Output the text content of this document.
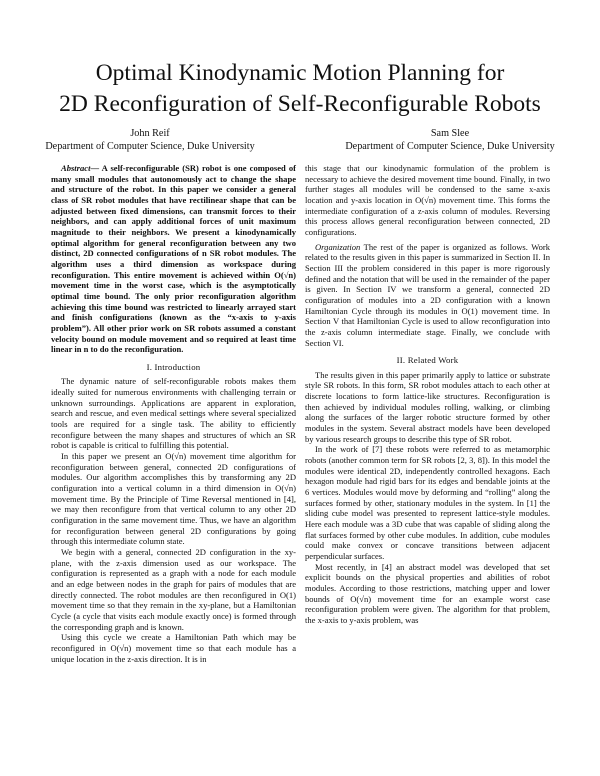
Optimal Kinodynamic Motion Planning for
2D Reconfiguration of Self-Reconfigurable Robots
John Reif
Department of Computer Science, Duke University
Sam Slee
Department of Computer Science, Duke University

Abstract— A self-reconfigurable (SR) robot is one composed of many small modules that autonomously act to change the shape and structure of the robot. In this paper we consider a general class of SR robot modules that have rectilinear shape that can be adjusted between fixed dimensions, can transmit forces to their neighbors, and can apply additional forces of unit maximum magnitude to their neighbors. We present a kinodynamically optimal algorithm for general reconfiguration between any two distinct, 2D connected configurations of n SR robot modules. The algorithm uses a third dimension as workspace during reconfiguration. This entire movement is achieved within O(√n) movement time in the worst case, which is the asymptotically optimal time bound. The only prior reconfiguration algorithm achieving this time bound was restricted to linearly arrayed start and finish configurations (known as the “x-axis to y-axis problem”). All other prior work on SR robots assumed a constant velocity bound on module movement and so required at least time linear in n to do the reconfiguration.

I. Introduction

The dynamic nature of self-reconfigurable robots makes them ideally suited for numerous environments with challenging terrain or unknown surroundings. Applications are apparent in exploration, search and rescue, and even medical settings where several specialized tools are required for a single task. The ability to efficiently reconfigure between the many shapes and structures of which an SR robot is capable is critical to fulfilling this potential.

In this paper we present an O(√n) movement time algorithm for reconfiguration between general, connected 2D configurations of modules. Our algorithm accomplishes this by transforming any 2D configuration into a vertical column in a third dimension in O(√n) movement time. By the Principle of Time Reversal mentioned in [4], we may then reconfigure from that vertical column to any other 2D configuration in the same movement time. Thus, we have an algorithm for reconfiguration between general 2D configurations by going through this intermediate column state.

We begin with a general, connected 2D configuration in the xy-plane, with the z-axis dimension used as our workspace. The configuration is represented as a graph with a node for each module and an edge between nodes in the graph for pairs of modules that are directly connected. The robot modules are then reconfigured in O(1) movement time so that they remain in the xy-plane, but a Hamiltonian Cycle (a cycle that visits each module exactly once) is formed through the corresponding graph and is known.

Using this cycle we create a Hamiltonian Path which may be reconfigured in O(√n) movement time so that each module has a unique location in the z-axis direction. It is in

this stage that our kinodynamic formulation of the problem is necessary to achieve the desired movement time bound. Finally, in two further stages all modules will be condensed to the same x-axis location and y-axis location in O(√n) movement time. This forms the intermediate configuration of a z-axis column of modules. Reversing this process allows general reconfiguration between connected, 2D configurations.

Organization The rest of the paper is organized as follows. Work related to the results given in this paper is summarized in Section II. In Section III the problem considered in this paper is more rigorously defined and the notation that will be used in the remainder of the paper is given. In Section IV we transform a general, connected 2D configuration of modules into a 2D configuration with a known Hamiltonian Cycle through its modules in O(1) movement time. In Section V that Hamiltonian Cycle is used to allow reconfiguration into the z-axis column intermediate stage. Finally, we conclude with Section VI.

II. Related Work

The results given in this paper primarily apply to lattice or substrate style SR robots. In this form, SR robot modules attach to each other at discrete locations to form lattice-like structures. Reconfiguration is then achieved by individual modules rolling, walking, or climbing along the surfaces of the larger robotic structure formed by other modules in the system. Several abstract models have been developed by various research groups to describe this type of SR robot.

In the work of [7] these robots were referred to as metamorphic robots (another common term for SR robots [2, 3, 8]). In this model the modules were identical 2D, independently controlled hexagons. Each hexagon module had rigid bars for its edges and bendable joints at the 6 vertices. Modules would move by deforming and “rolling” along the surfaces formed by other, stationary modules in the system. In [1] the sliding cube model was presented to represent lattice-style modules. Here each module was a 3D cube that was capable of sliding along the flat surfaces formed by other cube modules. In addition, cube modules could make convex or concave transitions between adjacent perpendicular surfaces.

Most recently, in [4] an abstract model was developed that set explicit bounds on the physical properties and abilities of robot modules. According to those restrictions, matching upper and lower bounds of O(√n) movement time for an example worst case reconfiguration problem were given. The algorithm for that problem, the x-axis to y-axis problem, was
